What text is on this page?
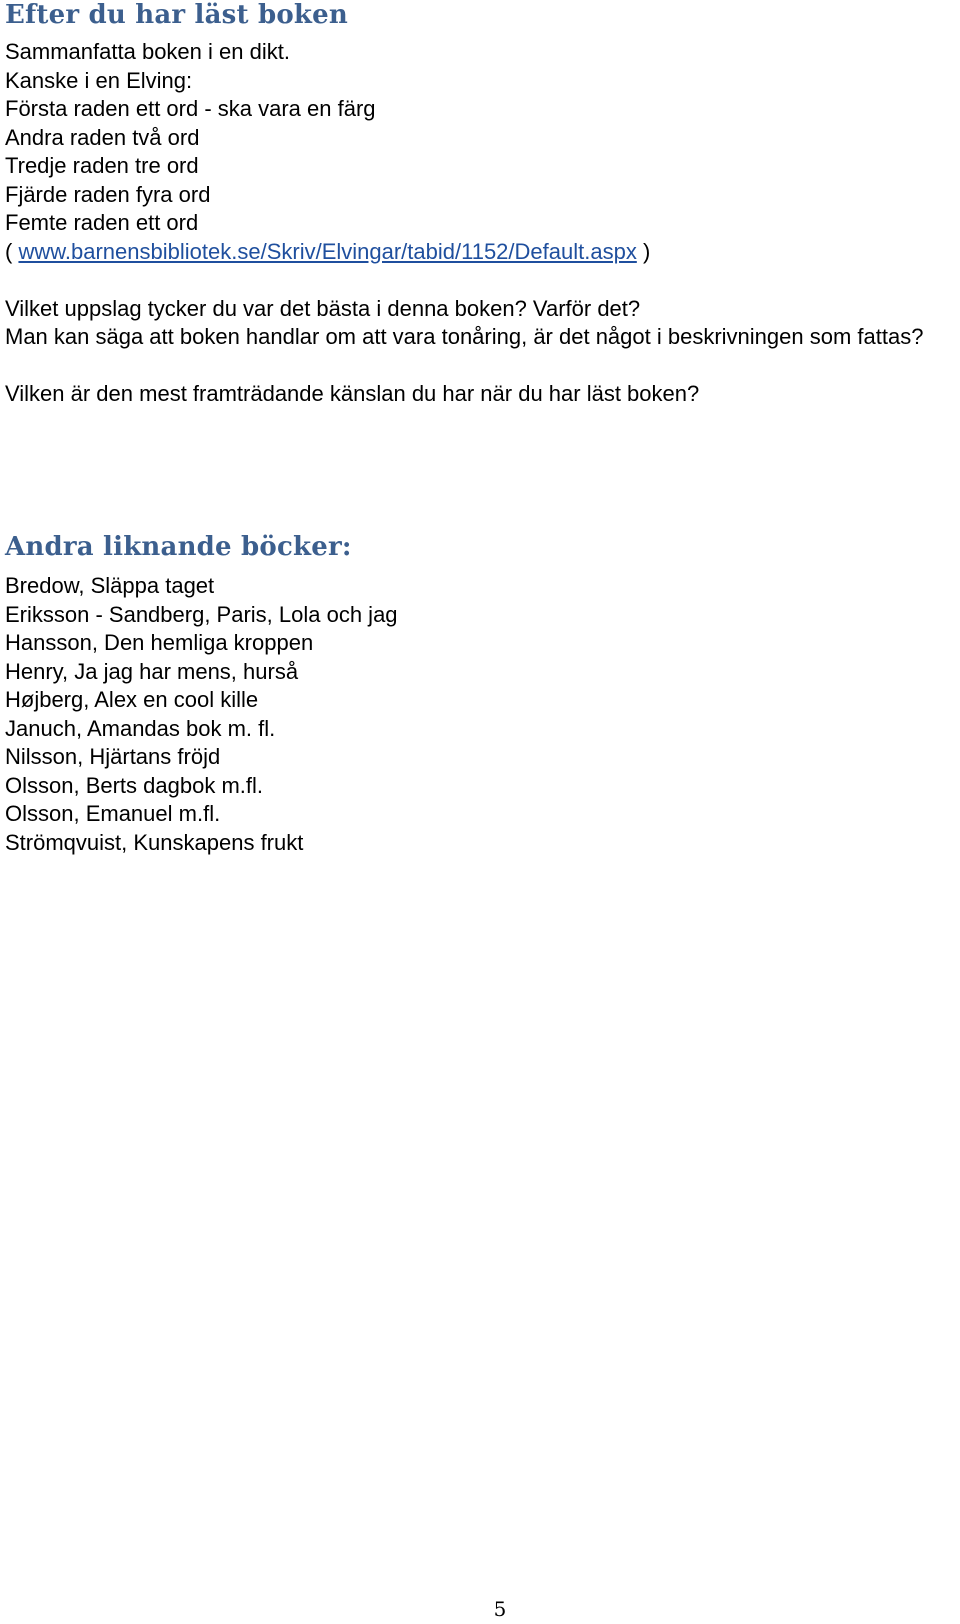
Efter du har läst boken

Sammanfatta boken i en dikt.

Kanske i en Elving:

Första raden ett ord - ska vara en färg

Andra raden två ord

Tredje raden tre ord

Fjärde raden fyra ord

Femte raden ett ord

( www.barnensbibliotek.se/Skriv/Elvingar/tabid/1152/Default.aspx )

Vilket uppslag tycker du var det bästa i denna boken? Varför det?

Man kan säga att boken handlar om att vara tonåring, är det något i beskrivningen som fattas?

Vilken är den mest framträdande känslan du har när du har läst boken?

Andra liknande böcker:

Bredow, Släppa taget

Eriksson - Sandberg, Paris, Lola och jag

Hansson, Den hemliga kroppen

Henry, Ja jag har mens, hurså

Højberg, Alex en cool kille

Januch, Amandas bok m. fl.

Nilsson, Hjärtans fröjd

Olsson, Berts dagbok m.fl.

Olsson, Emanuel m.fl.

Strömqvuist, Kunskapens frukt

5
